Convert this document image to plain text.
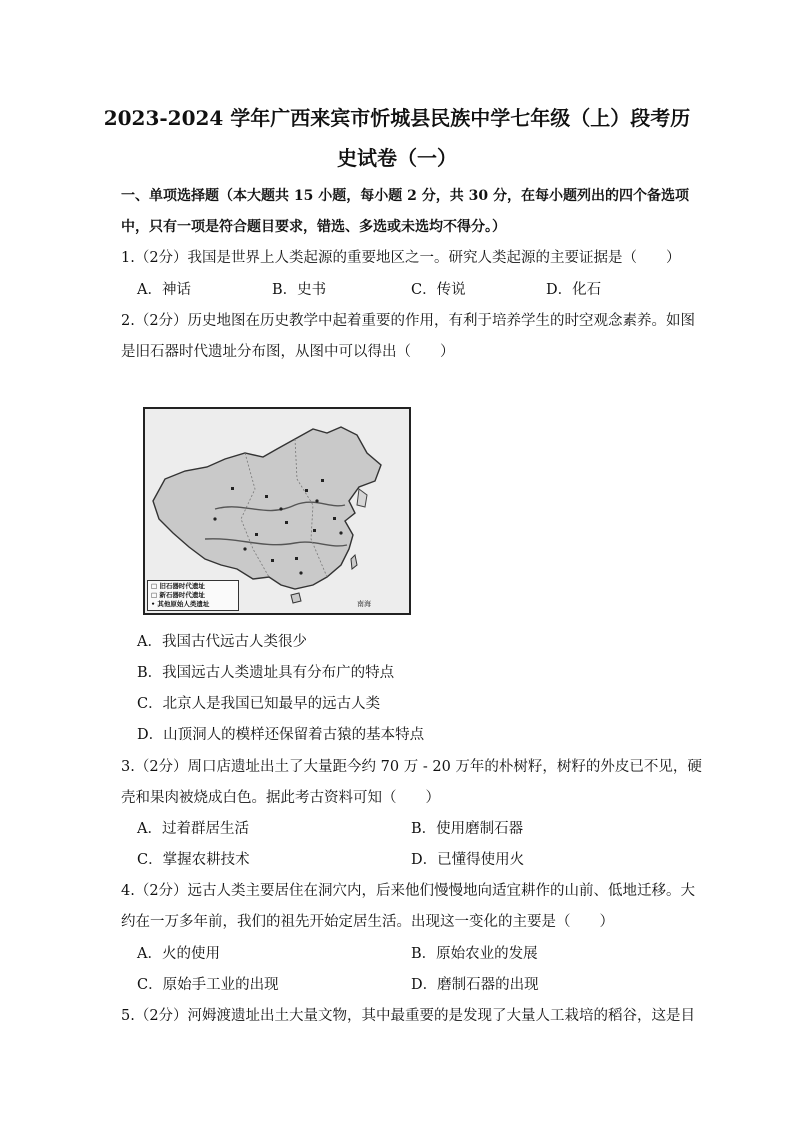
2023-2024 学年广西来宾市忻城县民族中学七年级（上）段考历
史试卷（一）
一、单项选择题（本大题共 15 小题，每小题 2 分，共 30 分，在每小题列出的四个备选项
中，只有一项是符合题目要求，错选、多选或未选均不得分。）
1.（2分）我国是世界上人类起源的重要地区之一。研究人类起源的主要证据是（　　）
A．神话	B．史书	C．传说	D．化石
2.（2分）历史地图在历史教学中起着重要的作用，有利于培养学生的时空观念素养。如图
是旧石器时代遗址分布图，从图中可以得出（　　）
□ 旧石器时代遗址
□ 新石器时代遗址
• 其他原始人类遗址	南海
A．我国古代远古人类很少
B．我国远古人类遗址具有分布广的特点
C．北京人是我国已知最早的远古人类
D．山顶洞人的模样还保留着古猿的基本特点
3.（2分）周口店遗址出土了大量距今约 70 万 - 20 万年的朴树籽，树籽的外皮已不见，硬
壳和果肉被烧成白色。据此考古资料可知（　　）
A．过着群居生活	B．使用磨制石器
C．掌握农耕技术	D．已懂得使用火
4.（2分）远古人类主要居住在洞穴内，后来他们慢慢地向适宜耕作的山前、低地迁移。大
约在一万多年前，我们的祖先开始定居生活。出现这一变化的主要是（　　）
A．火的使用	B．原始农业的发展
C．原始手工业的出现	D．磨制石器的出现
5.（2分）河姆渡遗址出土大量文物，其中最重要的是发现了大量人工栽培的稻谷，这是目
